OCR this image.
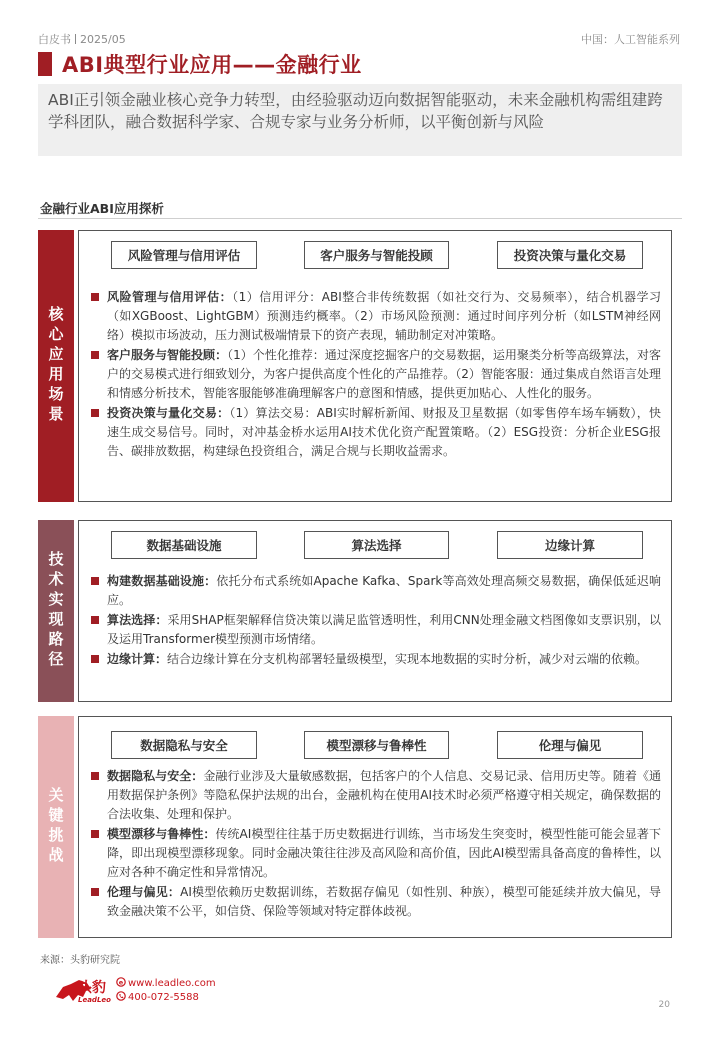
白皮书 2025/05	中国：人工智能系列
ABI典型行业应用——金融行业
ABI正引领金融业核心竞争力转型，由经验驱动迈向数据智能驱动，未来金融机构需组建跨学科团队，融合数据科学家、合规专家与业务分析师，以平衡创新与风险
金融行业ABI应用探析
核心应用场景
风险管理与信用评估	客户服务与智能投顾	投资决策与量化交易
风险管理与信用评估：（1）信用评分：ABI整合非传统数据（如社交行为、交易频率），结合机器学习（如XGBoost、LightGBM）预测违约概率。（2）市场风险预测：通过时间序列分析（如LSTM神经网络）模拟市场波动，压力测试极端情景下的资产表现，辅助制定对冲策略。
客户服务与智能投顾：（1）个性化推荐：通过深度挖掘客户的交易数据，运用聚类分析等高级算法，对客户的交易模式进行细致划分，为客户提供高度个性化的产品推荐。（2）智能客服：通过集成自然语言处理和情感分析技术，智能客服能够准确理解客户的意图和情感，提供更加贴心、人性化的服务。
投资决策与量化交易：（1）算法交易：ABI实时解析新闻、财报及卫星数据（如零售停车场车辆数），快速生成交易信号。同时，对冲基金桥水运用AI技术优化资产配置策略。（2）ESG投资：分析企业ESG报告、碳排放数据，构建绿色投资组合，满足合规与长期收益需求。
技术实现路径
数据基础设施	算法选择	边缘计算
构建数据基础设施：依托分布式系统如Apache Kafka、Spark等高效处理高频交易数据，确保低延迟响应。
算法选择：采用SHAP框架解释信贷决策以满足监管透明性，利用CNN处理金融文档图像如支票识别，以及运用Transformer模型预测市场情绪。
边缘计算：结合边缘计算在分支机构部署轻量级模型，实现本地数据的实时分析，减少对云端的依赖。
关键挑战
数据隐私与安全	模型漂移与鲁棒性	伦理与偏见
数据隐私与安全：金融行业涉及大量敏感数据，包括客户的个人信息、交易记录、信用历史等。随着《通用数据保护条例》等隐私保护法规的出台，金融机构在使用AI技术时必须严格遵守相关规定，确保数据的合法收集、处理和保护。
模型漂移与鲁棒性：传统AI模型往往基于历史数据进行训练，当市场发生突变时，模型性能可能会显著下降，即出现模型漂移现象。同时金融决策往往涉及高风险和高价值，因此AI模型需具备高度的鲁棒性，以应对各种不确定性和异常情况。
伦理与偏见：AI模型依赖历史数据训练，若数据存偏见（如性别、种族），模型可能延续并放大偏见，导致金融决策不公平，如信贷、保险等领域对特定群体歧视。
来源：头豹研究院
头豹
LeadLeo
e www.leadleo.com
400-072-5588
20
